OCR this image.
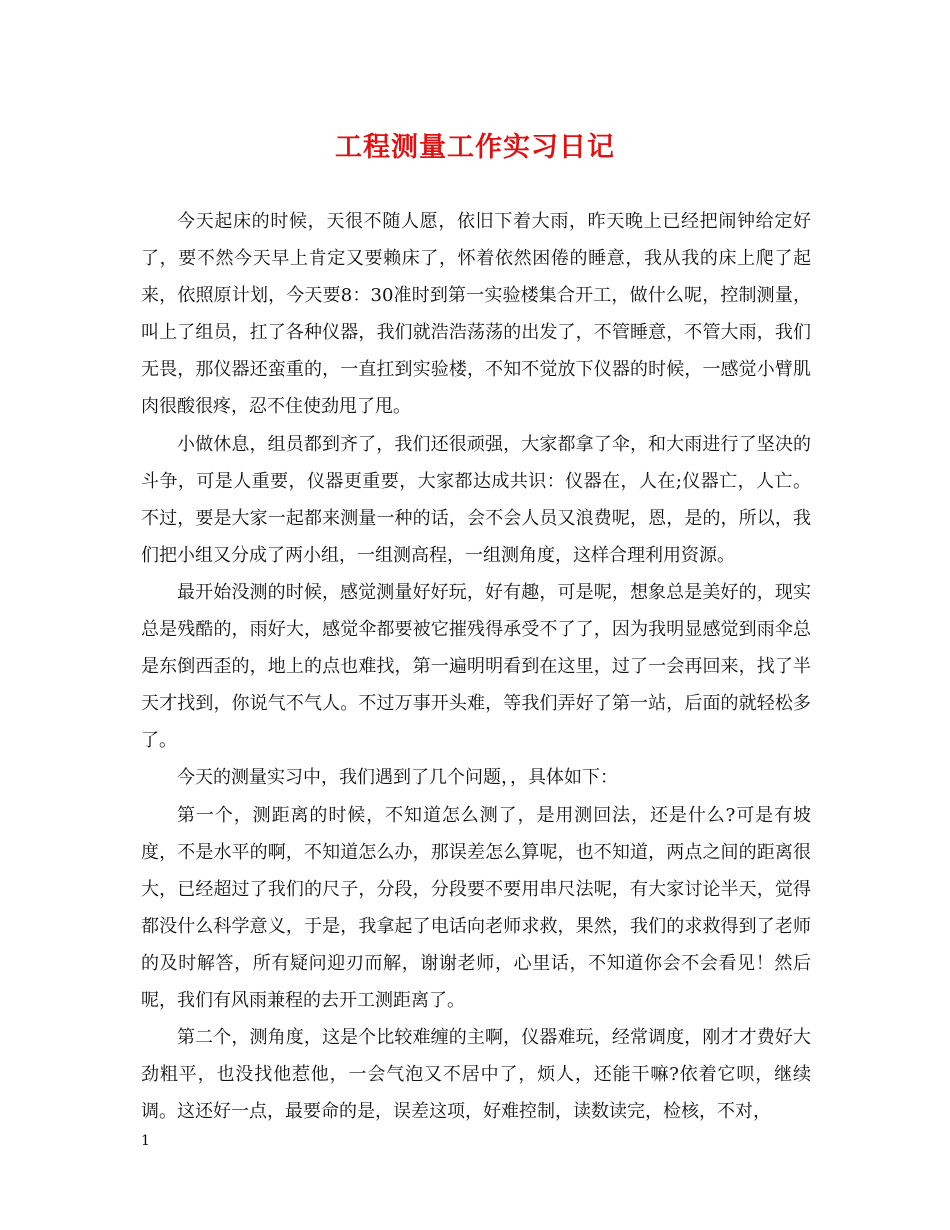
工程测量工作实习日记

今天起床的时候，天很不随人愿，依旧下着大雨，昨天晚上已经把闹钟给定好了，要不然今天早上肯定又要赖床了，怀着依然困倦的睡意，我从我的床上爬了起来，依照原计划，今天要8：30准时到第一实验楼集合开工，做什么呢，控制测量，叫上了组员，扛了各种仪器，我们就浩浩荡荡的出发了，不管睡意，不管大雨，我们无畏，那仪器还蛮重的，一直扛到实验楼，不知不觉放下仪器的时候，一感觉小臂肌肉很酸很疼，忍不住使劲甩了甩。

小做休息，组员都到齐了，我们还很顽强，大家都拿了伞，和大雨进行了坚决的斗争，可是人重要，仪器更重要，大家都达成共识：仪器在，人在;仪器亡，人亡。不过，要是大家一起都来测量一种的话，会不会人员又浪费呢，恩，是的，所以，我们把小组又分成了两小组，一组测高程，一组测角度，这样合理利用资源。

最开始没测的时候，感觉测量好好玩，好有趣，可是呢，想象总是美好的，现实总是残酷的，雨好大，感觉伞都要被它摧残得承受不了了，因为我明显感觉到雨伞总是东倒西歪的，地上的点也难找，第一遍明明看到在这里，过了一会再回来，找了半天才找到，你说气不气人。不过万事开头难，等我们弄好了第一站，后面的就轻松多了。

今天的测量实习中，我们遇到了几个问题，，具体如下：

第一个，测距离的时候，不知道怎么测了，是用测回法，还是什么?可是有坡度，不是水平的啊，不知道怎么办，那误差怎么算呢，也不知道，两点之间的距离很大，已经超过了我们的尺子，分段，分段要不要用串尺法呢，有大家讨论半天，觉得都没什么科学意义，于是，我拿起了电话向老师求救，果然，我们的求救得到了老师的及时解答，所有疑问迎刃而解，谢谢老师，心里话，不知道你会不会看见！然后呢，我们有风雨兼程的去开工测距离了。

第二个，测角度，这是个比较难缠的主啊，仪器难玩，经常调度，刚才才费好大劲粗平，也没找他惹他，一会气泡又不居中了，烦人，还能干嘛?依着它呗，继续调。这还好一点，最要命的是，误差这项，好难控制，读数读完，检核，不对，

1
